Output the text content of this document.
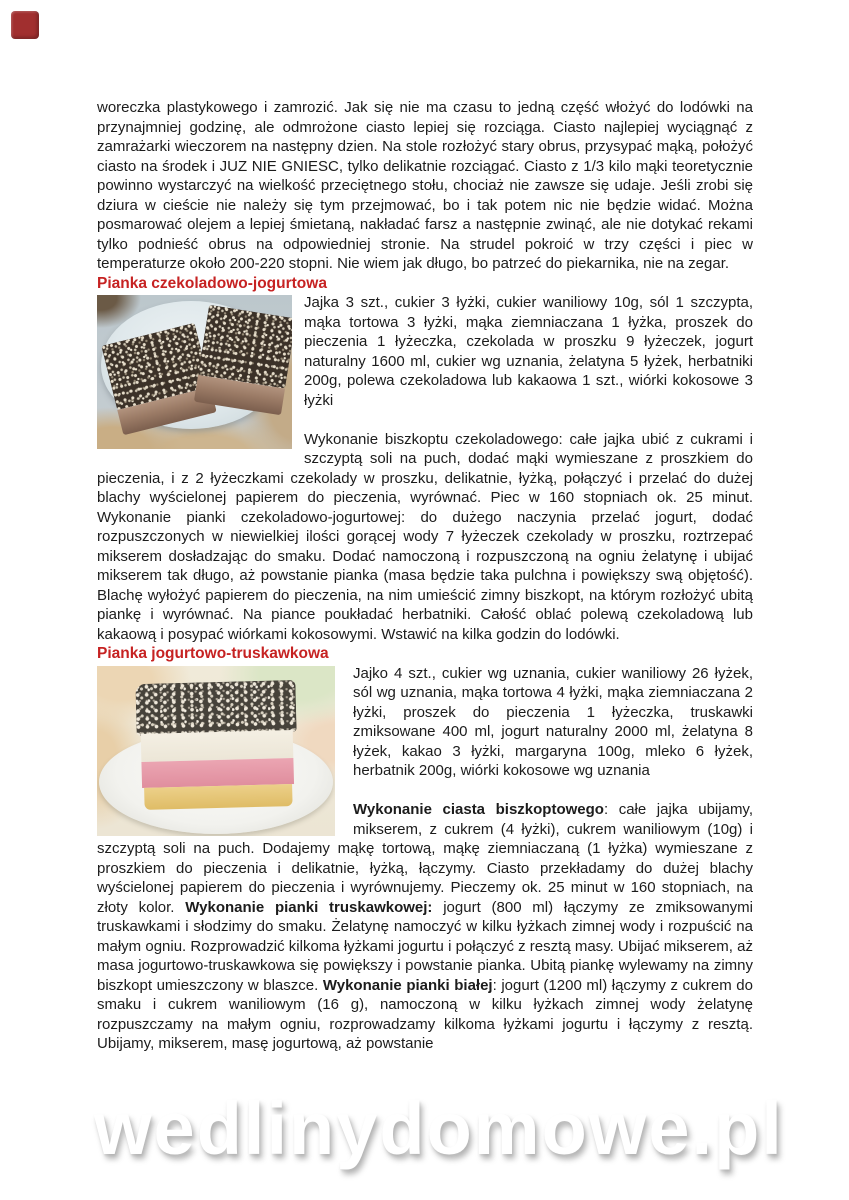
woreczka plastykowego i zamrozić. Jak się nie ma czasu to jedną część włożyć do lodówki na przynajmniej godzinę, ale odmrożone ciasto lepiej się rozciąga. Ciasto najlepiej wyciągnąć z zamrażarki wieczorem na następny dzien. Na stole rozłożyć stary obrus, przysypać mąką, położyć ciasto na środek i JUZ NIE GNIESC, tylko delikatnie rozciągać. Ciasto z 1/3 kilo mąki teoretycznie powinno wystarczyć na wielkość przeciętnego stołu, chociaż nie zawsze się udaje. Jeśli zrobi się dziura w cieście nie należy się tym przejmować, bo i tak potem nic nie będzie widać. Można posmarować olejem a lepiej śmietaną, nakładać farsz a następnie zwinąć, ale nie dotykać rekami tylko podnieść obrus na odpowiedniej stronie. Na strudel pokroić w trzy części i piec w temperaturze około 200-220 stopni. Nie wiem jak długo, bo patrzeć do piekarnika, nie na zegar.

Pianka czekoladowo-jogurtowa

Jajka 3 szt., cukier 3 łyżki, cukier waniliowy 10g, sól 1 szczypta, mąka tortowa 3 łyżki, mąka ziemniaczana 1 łyżka, proszek do pieczenia 1 łyżeczka, czekolada w proszku 9 łyżeczek, jogurt naturalny 1600 ml, cukier wg uznania, żelatyna 5 łyżek, herbatniki 200g, polewa czekoladowa lub kakaowa 1 szt., wiórki kokosowe 3 łyżki

Wykonanie biszkoptu czekoladowego: całe jajka ubić z cukrami i szczyptą soli na puch, dodać mąki wymieszane z proszkiem do pieczenia, i z 2 łyżeczkami czekolady w proszku, delikatnie, łyżką, połączyć i przelać do dużej blachy wyścielonej papierem do pieczenia, wyrównać. Piec w 160 stopniach ok. 25 minut. Wykonanie pianki czekoladowo-jogurtowej: do dużego naczynia przelać jogurt, dodać rozpuszczonych w niewielkiej ilości gorącej wody 7 łyżeczek czekolady w proszku, roztrzepać mikserem dosładzając do smaku. Dodać namoczoną i rozpuszczoną na ogniu żelatynę i ubijać mikserem tak długo, aż powstanie pianka (masa będzie taka pulchna i powiększy swą objętość). Blachę wyłożyć papierem do pieczenia, na nim umieścić zimny biszkopt, na którym rozłożyć ubitą piankę i wyrównać. Na piance poukładać herbatniki. Całość oblać polewą czekoladową lub kakaową i posypać wiórkami kokosowymi. Wstawić na kilka godzin do lodówki.

Pianka jogurtowo-truskawkowa

Jajko 4 szt., cukier wg uznania, cukier waniliowy 26 łyżek, sól wg uznania, mąka tortowa 4 łyżki, mąka ziemniaczana 2 łyżki, proszek do pieczenia 1 łyżeczka, truskawki zmiksowane 400 ml, jogurt naturalny 2000 ml, żelatyna 8 łyżek, kakao 3 łyżki, margaryna 100g, mleko 6 łyżek, herbatnik 200g, wiórki kokosowe wg uznania

Wykonanie ciasta biszkoptowego: całe jajka ubijamy, mikserem, z cukrem (4 łyżki), cukrem waniliowym (10g) i szczyptą soli na puch. Dodajemy mąkę tortową, mąkę ziemniaczaną (1 łyżka) wymieszane z proszkiem do pieczenia i delikatnie, łyżką, łączymy. Ciasto przekładamy do dużej blachy wyścielonej papierem do pieczenia i wyrównujemy. Pieczemy ok. 25 minut w 160 stopniach, na złoty kolor. Wykonanie pianki truskawkowej: jogurt (800 ml) łączymy ze zmiksowanymi truskawkami i słodzimy do smaku. Żelatynę namoczyć w kilku łyżkach zimnej wody i rozpuścić na małym ogniu. Rozprowadzić kilkoma łyżkami jogurtu i połączyć z resztą masy. Ubijać mikserem, aż masa jogurtowo-truskawkowa się powiększy i powstanie pianka. Ubitą piankę wylewamy na zimny biszkopt umieszczony w blaszce. Wykonanie pianki białej: jogurt (1200 ml) łączymy z cukrem do smaku i cukrem waniliowym (16 g), namoczoną w kilku łyżkach zimnej wody żelatynę rozpuszczamy na małym ogniu, rozprowadzamy kilkoma łyżkami jogurtu i łączymy z resztą. Ubijamy, mikserem, masę jogurtową, aż powstanie

wedlinydomowe.pl
